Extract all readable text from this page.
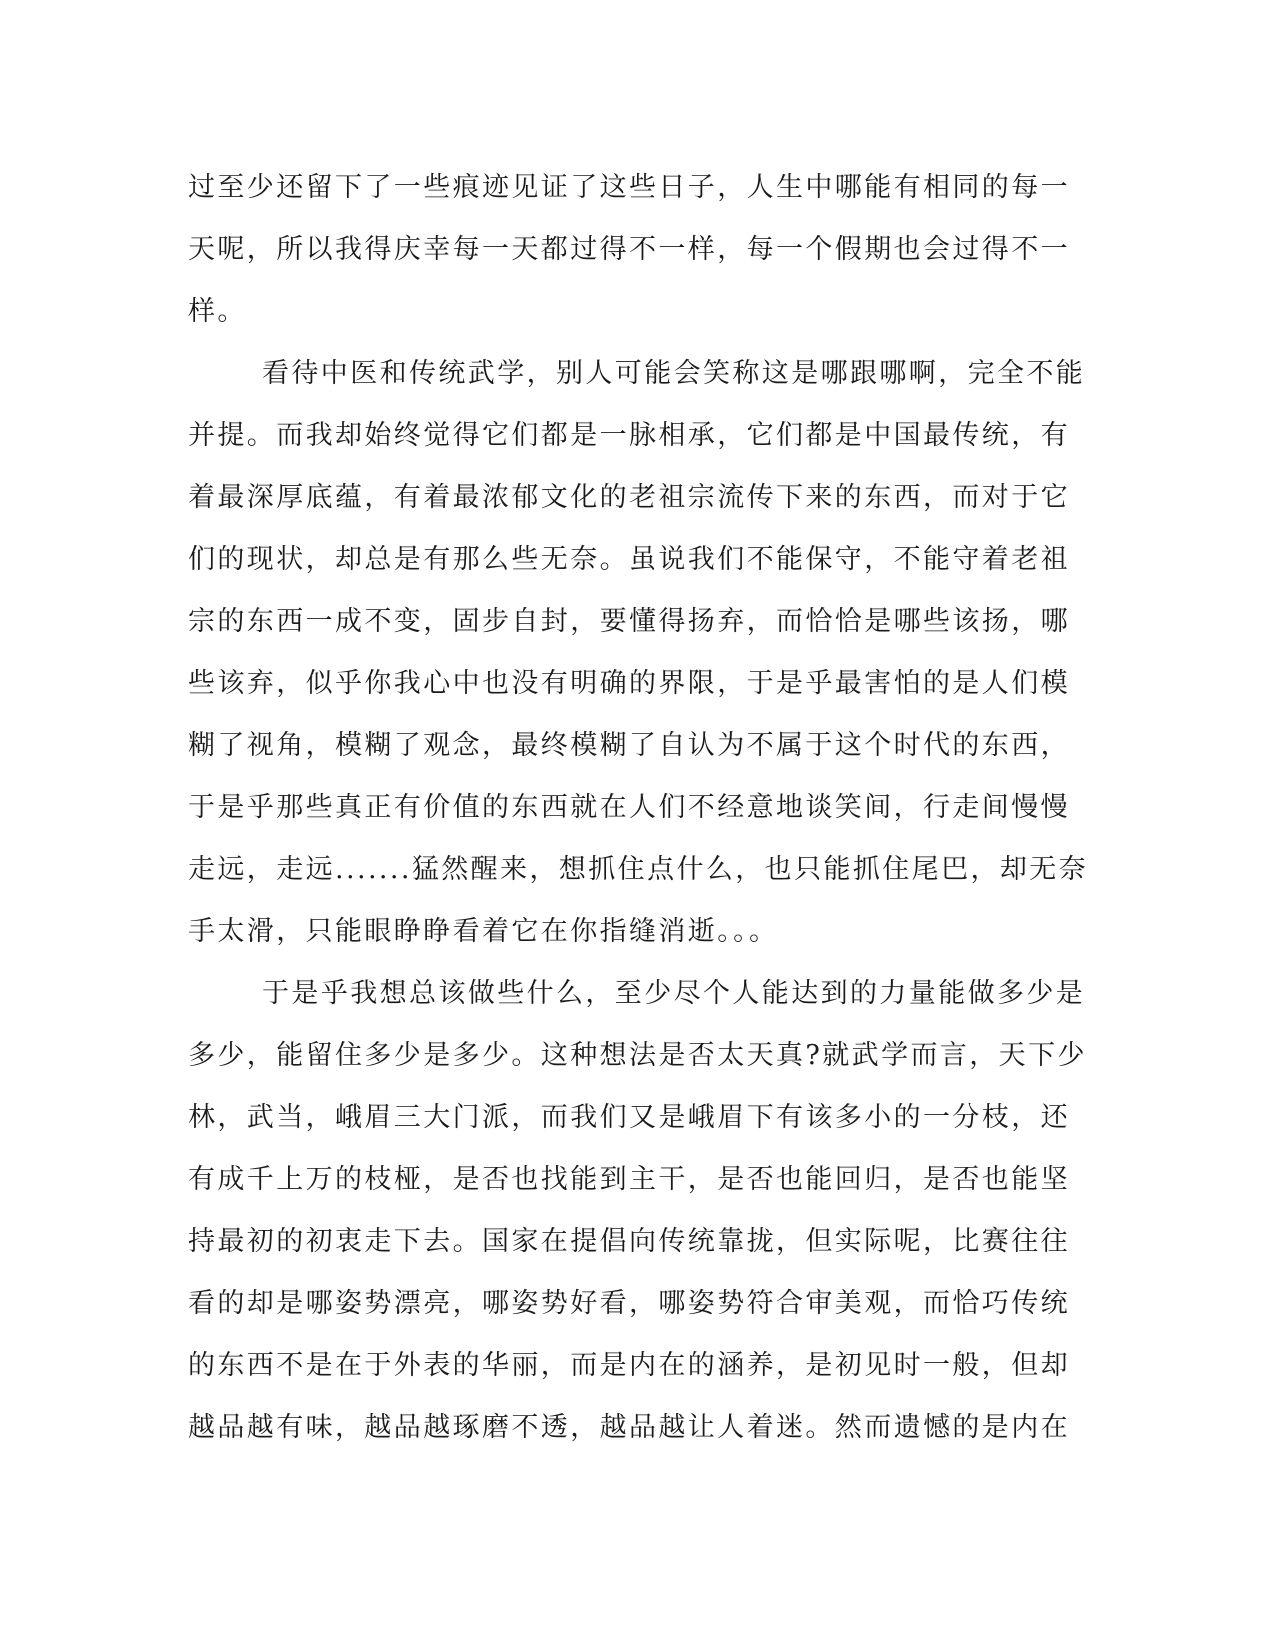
过至少还留下了一些痕迹见证了这些日子，人生中哪能有相同的每一
天呢，所以我得庆幸每一天都过得不一样，每一个假期也会过得不一
样。
看待中医和传统武学，别人可能会笑称这是哪跟哪啊，完全不能
并提。而我却始终觉得它们都是一脉相承，它们都是中国最传统，有
着最深厚底蕴，有着最浓郁文化的老祖宗流传下来的东西，而对于它
们的现状，却总是有那么些无奈。虽说我们不能保守，不能守着老祖
宗的东西一成不变，固步自封，要懂得扬弃，而恰恰是哪些该扬，哪
些该弃，似乎你我心中也没有明确的界限，于是乎最害怕的是人们模
糊了视角，模糊了观念，最终模糊了自认为不属于这个时代的东西，
于是乎那些真正有价值的东西就在人们不经意地谈笑间，行走间慢慢
走远，走远.......猛然醒来，想抓住点什么，也只能抓住尾巴，却无奈
手太滑，只能眼睁睁看着它在你指缝消逝。。。
于是乎我想总该做些什么，至少尽个人能达到的力量能做多少是
多少，能留住多少是多少。这种想法是否太天真?就武学而言，天下少
林，武当，峨眉三大门派，而我们又是峨眉下有该多小的一分枝，还
有成千上万的枝桠，是否也找能到主干，是否也能回归，是否也能坚
持最初的初衷走下去。国家在提倡向传统靠拢，但实际呢，比赛往往
看的却是哪姿势漂亮，哪姿势好看，哪姿势符合审美观，而恰巧传统
的东西不是在于外表的华丽，而是内在的涵养，是初见时一般，但却
越品越有味，越品越琢磨不透，越品越让人着迷。然而遗憾的是内在
